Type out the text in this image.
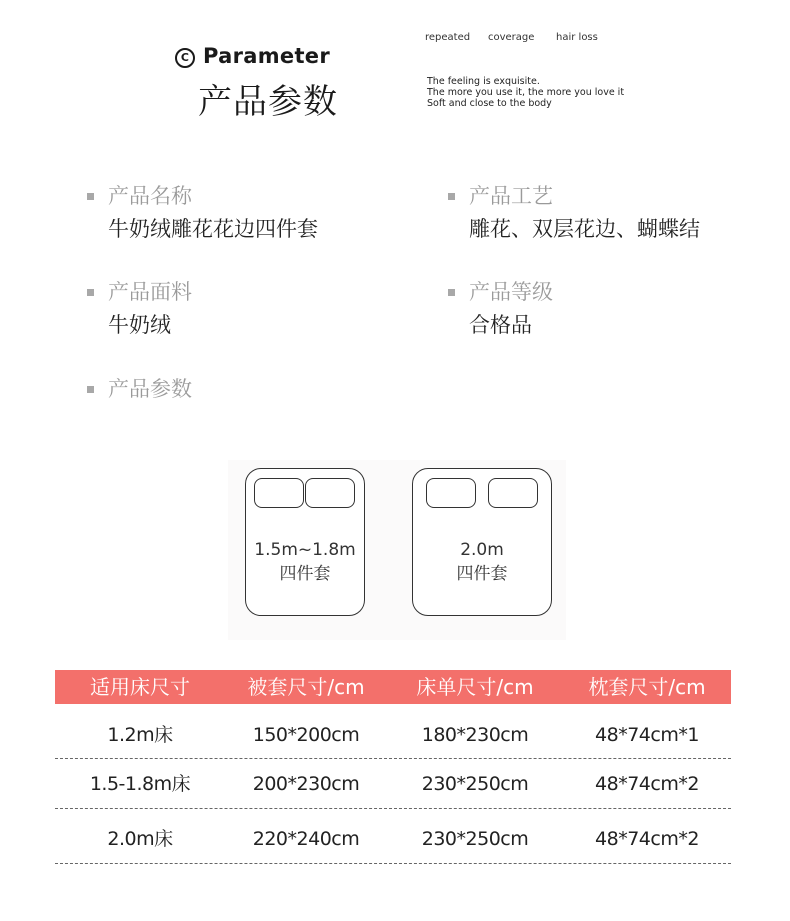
C Parameter
产品参数
repeated coverage hair loss
The feeling is exquisite.
The more you use it, the more you love it
Soft and close to the body
产品名称
牛奶绒雕花花边四件套
产品工艺
雕花、双层花边、蝴蝶结
产品面料
牛奶绒
产品等级
合格品
产品参数
1.5m~1.8m
四件套
2.0m
四件套
适用床尺寸	被套尺寸/cm	床单尺寸/cm	枕套尺寸/cm
1.2m床	150*200cm	180*230cm	48*74cm*1
1.5-1.8m床	200*230cm	230*250cm	48*74cm*2
2.0m床	220*240cm	230*250cm	48*74cm*2
